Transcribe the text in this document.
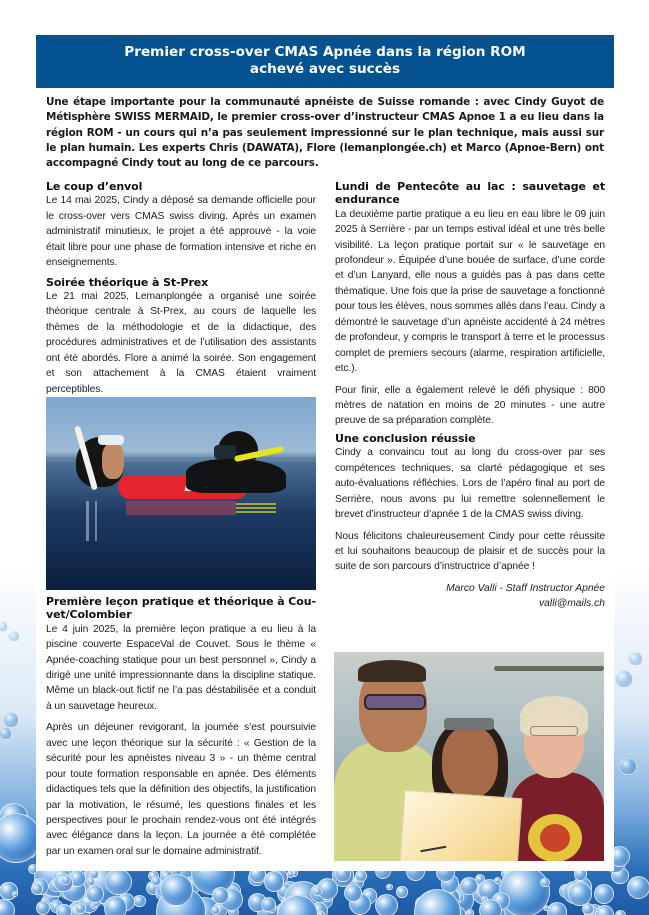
Premier cross-over CMAS Apnée dans la région ROM
achevé avec succès
Une étape importante pour la communauté apnéiste de Suisse romande : avec Cindy Guyot de Métisphère SWISS MERMAID, le premier cross-over d’instructeur CMAS Apnoe 1 a eu lieu dans la région ROM - un cours qui n’a pas seulement impressionné sur le plan technique, mais aussi sur le plan humain. Les experts Chris (DAWATA), Flore (lemanplongée.ch) et Marco (Apnoe-Bern) ont accompagné Cindy tout au long de ce parcours.
Le coup d’envol
Le 14 mai 2025, Cindy a déposé sa demande officielle pour le cross-over vers CMAS swiss diving. Après un examen administratif minutieux, le projet a été approuvé - la voie était libre pour une phase de formation intensive et riche en enseignements.
Soirée théorique à St-Prex
Le 21 mai 2025, Lemanplongée a organisé une soirée théorique centrale à St-Prex, au cours de laquelle les thèmes de la méthodologie et de la didactique, des procédures administratives et de l’utilisation des assistants ont été abordés. Flore a animé la soirée. Son engagement et son attachement à la CMAS étaient vraiment perceptibles.
Première leçon pratique et théorique à Couvet/Colombier
Le 4 juin 2025, la première leçon pratique a eu lieu à la piscine couverte EspaceVal de Couvet. Sous le thème « Apnée-coaching statique pour un best personnel », Cindy a dirigé une unité impressionnante dans la discipline statique. Même un black-out fictif ne l’a pas déstabilisée et a conduit à un sauvetage heureux.
Après un déjeuner revigorant, la journée s’est poursuivie avec une leçon théorique sur la sécurité : « Gestion de la sécurité pour les apnéistes niveau 3 » - un thème central pour toute formation responsable en apnée. Des éléments didactiques tels que la définition des objectifs, la justification par la motivation, le résumé, les questions finales et les perspectives pour le prochain rendez-vous ont été intégrés avec élégance dans la leçon. La journée a été complétée par un examen oral sur le domaine administratif.
Lundi de Pentecôte au lac : sauvetage et endurance
La deuxième partie pratique a eu lieu en eau libre le 09 juin 2025 à Serrière - par un temps estival idéal et une très belle visibilité. La leçon pratique portait sur « le sauvetage en profondeur ». Équipée d’une bouée de surface, d’une corde et d’un Lanyard, elle nous a guidés pas à pas dans cette thématique. Une fois que la prise de sauvetage a fonctionné pour tous les élèves, nous sommes allés dans l’eau. Cindy a démontré le sauvetage d’un apnéiste accidenté à 24 mètres de profondeur, y compris le transport à terre et le processus complet de premiers secours (alarme, respiration artificielle, etc.).
Pour finir, elle a également relevé le défi physique : 800 mètres de natation en moins de 20 minutes - une autre preuve de sa préparation complète.
Une conclusion réussie
Cindy a convaincu tout au long du cross-over par ses compétences techniques, sa clarté pédagogique et ses auto-évaluations réfléchies. Lors de l’apéro final au port de Serrière, nous avons pu lui remettre solennellement le brevet d’instructeur d’apnée 1 de la CMAS swiss diving.
Nous félicitons chaleureusement Cindy pour cette réussite et lui souhaitons beaucoup de plaisir et de succès pour la suite de son parcours d’instructrice d’apnée !
Marco Valli - Staff Instructor Apnée
valli@mails.ch
